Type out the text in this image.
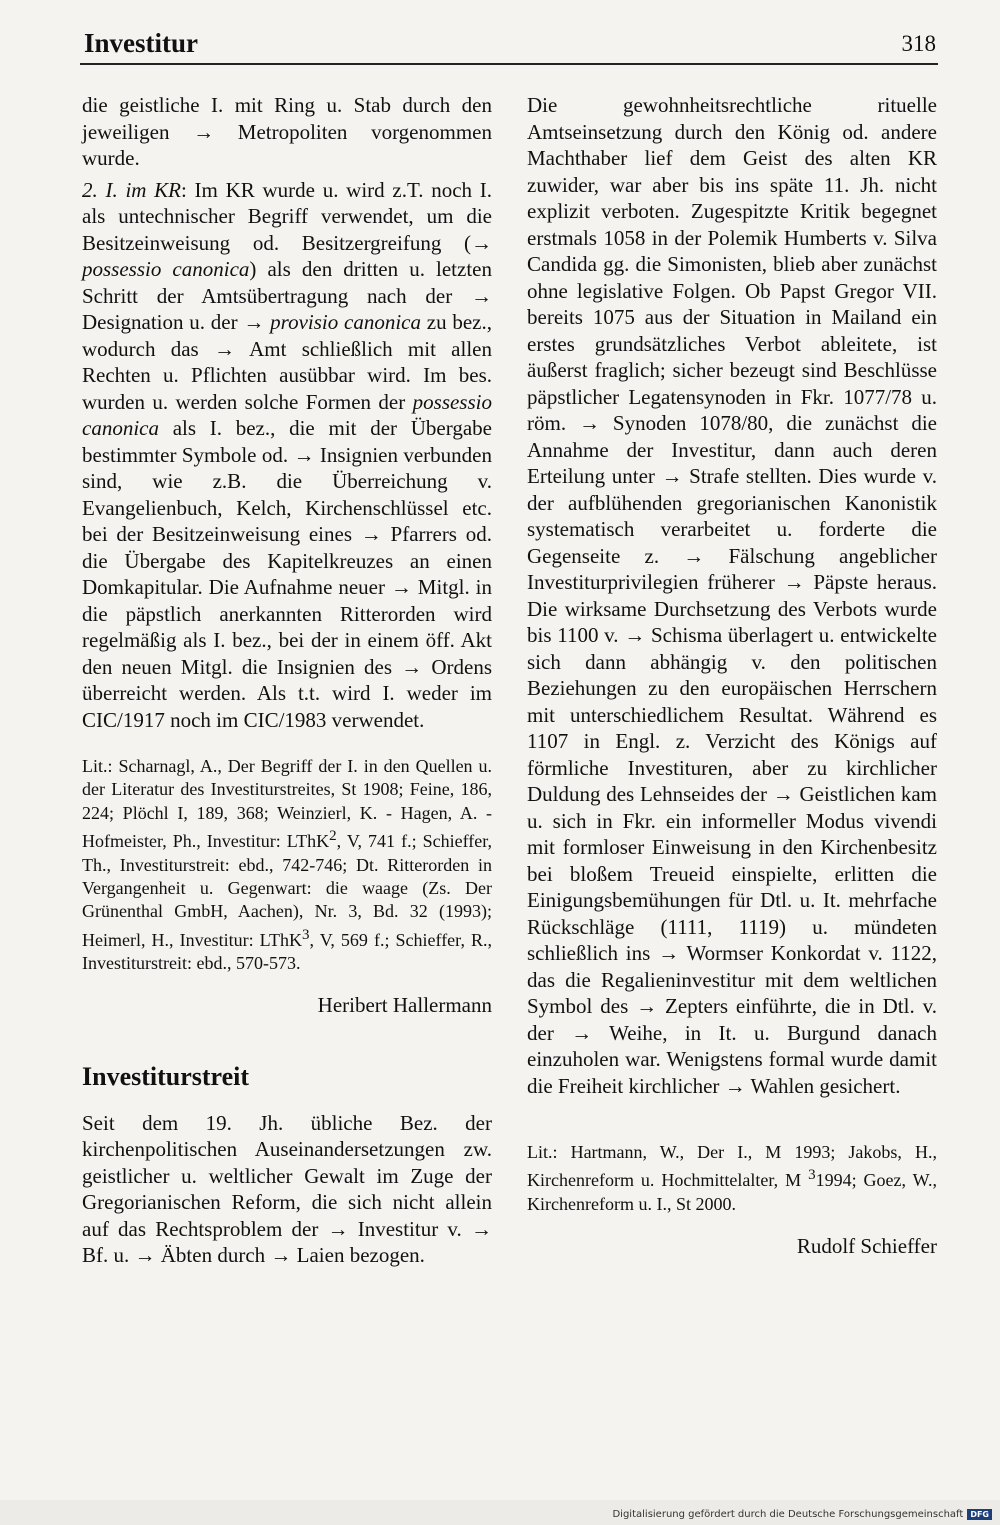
Investitur	318

die geistliche I. mit Ring u. Stab durch den jeweiligen → Metropoliten vorgenommen wurde.

2. I. im KR: Im KR wurde u. wird z.T. noch I. als untechnischer Begriff verwendet, um die Besitzeinweisung od. Besitzergreifung (→ possessio canonica) als den dritten u. letzten Schritt der Amtsübertragung nach der → Designation u. der → provisio canonica zu bez., wodurch das → Amt schließlich mit allen Rechten u. Pflichten ausübbar wird. Im bes. wurden u. werden solche Formen der possessio canonica als I. bez., die mit der Übergabe bestimmter Symbole od. → Insignien verbunden sind, wie z.B. die Überreichung v. Evangelienbuch, Kelch, Kirchenschlüssel etc. bei der Besitzeinweisung eines → Pfarrers od. die Übergabe des Kapitelkreuzes an einen Domkapitular. Die Aufnahme neuer → Mitgl. in die päpstlich anerkannten Ritterorden wird regelmäßig als I. bez., bei der in einem öff. Akt den neuen Mitgl. die Insignien des → Ordens überreicht werden. Als t.t. wird I. weder im CIC/1917 noch im CIC/1983 verwendet.

Lit.: Scharnagl, A., Der Begriff der I. in den Quellen u. der Literatur des Investiturstreites, St 1908; Feine, 186, 224; Plöchl I, 189, 368; Weinzierl, K. - Hagen, A. - Hofmeister, Ph., Investitur: LThK$^2$, V, 741 f.; Schieffer, Th., Investiturstreit: ebd., 742-746; Dt. Ritterorden in Vergangenheit u. Gegenwart: die waage (Zs. Der Grünenthal GmbH, Aachen), Nr. 3, Bd. 32 (1993); Heimerl, H., Investitur: LThK$^3$, V, 569 f.; Schieffer, R., Investiturstreit: ebd., 570-573.

Heribert Hallermann
Investiturstreit

Seit dem 19. Jh. übliche Bez. der kirchenpolitischen Auseinandersetzungen zw. geistlicher u. weltlicher Gewalt im Zuge der Gregorianischen Reform, die sich nicht allein auf das Rechtsproblem der → Investitur v. → Bf. u. → Äbten durch → Laien bezogen.

Die gewohnheitsrechtliche rituelle Amtseinsetzung durch den König od. andere Machthaber lief dem Geist des alten KR zuwider, war aber bis ins späte 11. Jh. nicht explizit verboten. Zugespitzte Kritik begegnet erstmals 1058 in der Polemik Humberts v. Silva Candida gg. die Simonisten, blieb aber zunächst ohne legislative Folgen. Ob Papst Gregor VII. bereits 1075 aus der Situation in Mailand ein erstes grundsätzliches Verbot ableitete, ist äußerst fraglich; sicher bezeugt sind Beschlüsse päpstlicher Legatensynoden in Fkr. 1077/78 u. röm. → Synoden 1078/80, die zunächst die Annahme der Investitur, dann auch deren Erteilung unter → Strafe stellten. Dies wurde v. der aufblühenden gregorianischen Kanonistik systematisch verarbeitet u. forderte die Gegenseite z. → Fälschung angeblicher Investiturprivilegien früherer → Päpste heraus. Die wirksame Durchsetzung des Verbots wurde bis 1100 v. → Schisma überlagert u. entwickelte sich dann abhängig v. den politischen Beziehungen zu den europäischen Herrschern mit unterschiedlichem Resultat. Während es 1107 in Engl. z. Verzicht des Königs auf förmliche Investituren, aber zu kirchlicher Duldung des Lehnseides der → Geistlichen kam u. sich in Fkr. ein informeller Modus vivendi mit formloser Einweisung in den Kirchenbesitz bei bloßem Treueid einspielte, erlitten die Einigungsbemühungen für Dtl. u. It. mehrfache Rückschläge (1111, 1119) u. mündeten schließlich ins → Wormser Konkordat v. 1122, das die Regalieninvestitur mit dem weltlichen Symbol des → Zepters einführte, die in Dtl. v. der → Weihe, in It. u. Burgund danach einzuholen war. Wenigstens formal wurde damit die Freiheit kirchlicher → Wahlen gesichert.

Lit.: Hartmann, W., Der I., M 1993; Jakobs, H., Kirchenreform u. Hochmittelalter, M $^3$1994; Goez, W., Kirchenreform u. I., St 2000.

Rudolf Schieffer
Digitalisierung gefördert durch die Deutsche Forschungsgemeinschaft DFG
